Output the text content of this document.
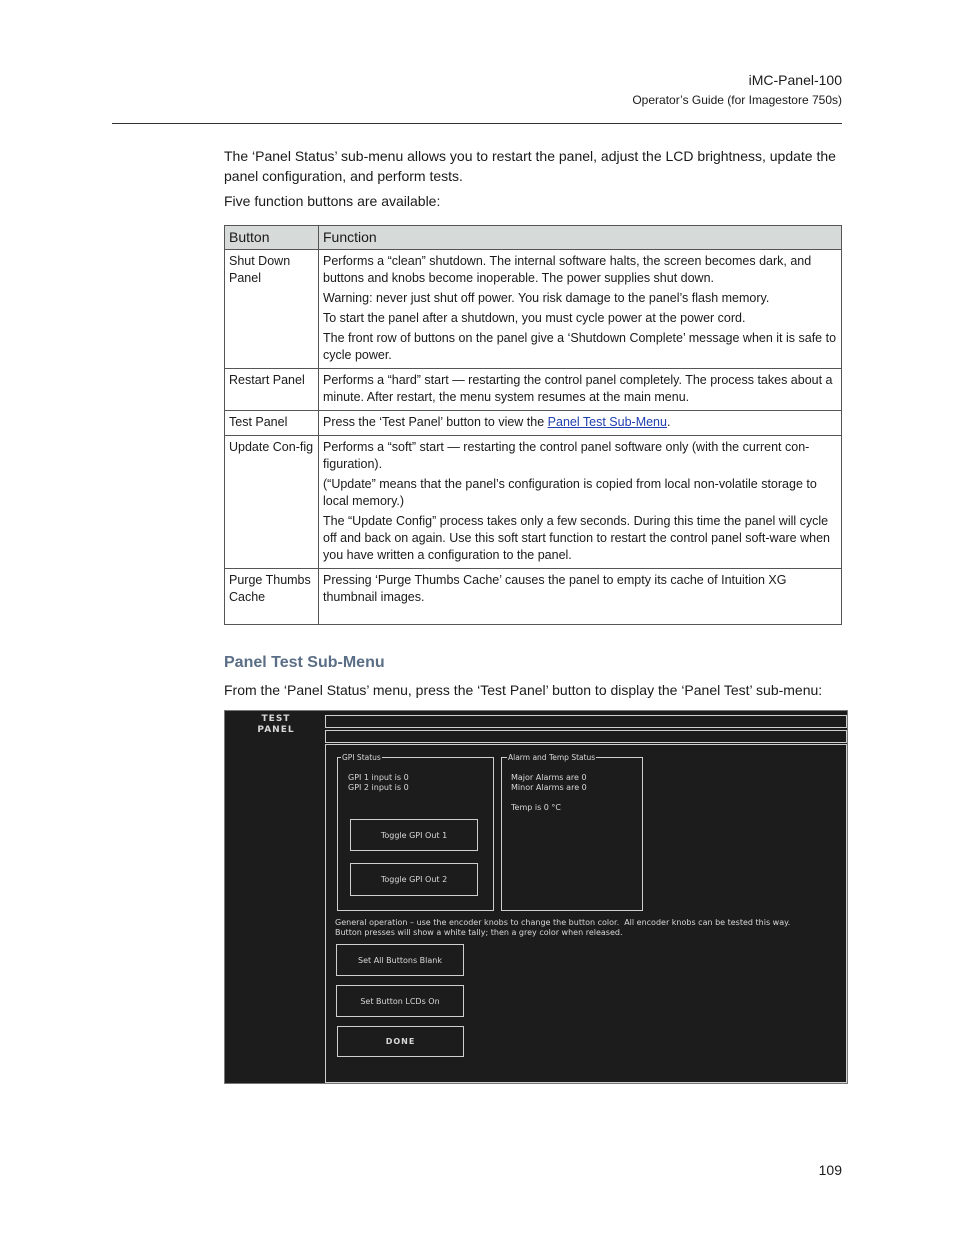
iMC-Panel-100
Operator’s Guide (for Imagestore 750s)

The ‘Panel Status’ sub-menu allows you to restart the panel, adjust the LCD brightness, update the panel configuration, and perform tests.

Five function buttons are available:

Button	Function
Shut Down Panel	Performs a “clean” shutdown. The internal software halts, the screen becomes dark, and buttons and knobs become inoperable. The power supplies shut down.

Warning: never just shut off power. You risk damage to the panel’s flash memory.

To start the panel after a shutdown, you must cycle power at the power cord.

The front row of buttons on the panel give a ‘Shutdown Complete’ message when it is safe to cycle power.

Restart Panel	Performs a “hard” start — restarting the control panel completely. The process takes about a minute. After restart, the menu system resumes at the main menu.

Test Panel	Press the ‘Test Panel’ button to view the Panel Test Sub-Menu.

Update Con-fig	Performs a “soft” start — restarting the control panel software only (with the current con-figuration).

(“Update” means that the panel’s configuration is copied from local non-volatile storage to local memory.)

The “Update Config” process takes only a few seconds. During this time the panel will cycle off and back on again. Use this soft start function to restart the control panel soft-ware when you have written a configuration to the panel.

Purge Thumbs Cache	Pressing ‘Purge Thumbs Cache’ causes the panel to empty its cache of Intuition XG thumbnail images.

Panel Test Sub-Menu

From the ‘Panel Status’ menu, press the ‘Test Panel’ button to display the ‘Panel Test’ sub-menu:

TEST
PANEL
GPI Status
GPI 1 input is 0
GPI 2 input is 0
Toggle GPI Out 1
Toggle GPI Out 2
Alarm and Temp Status
Major Alarms are 0
Minor Alarms are 0
Temp is 0 °C
General operation – use the encoder knobs to change the button color.  All encoder knobs can be tested this way.
Button presses will show a white tally; then a grey color when released.
Set All Buttons Blank
Set Button LCDs On
DONE
109
